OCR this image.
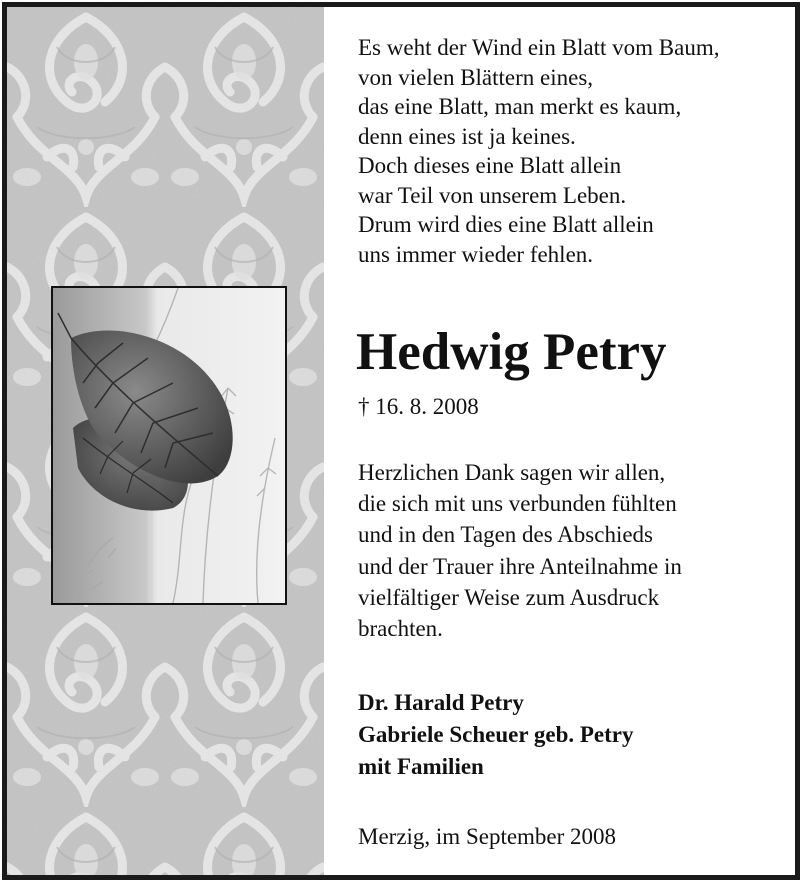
Es weht der Wind ein Blatt vom Baum,
von vielen Blättern eines,
das eine Blatt, man merkt es kaum,
denn eines ist ja keines.
Doch dieses eine Blatt allein
war Teil von unserem Leben.
Drum wird dies eine Blatt allein
uns immer wieder fehlen.

Hedwig Petry
† 16. 8. 2008

Herzlichen Dank sagen wir allen,
die sich mit uns verbunden fühlten
und in den Tagen des Abschieds
und der Trauer ihre Anteilnahme in
vielfältiger Weise zum Ausdruck
brachten.

Dr. Harald Petry
Gabriele Scheuer geb. Petry
mit Familien

Merzig, im September 2008
